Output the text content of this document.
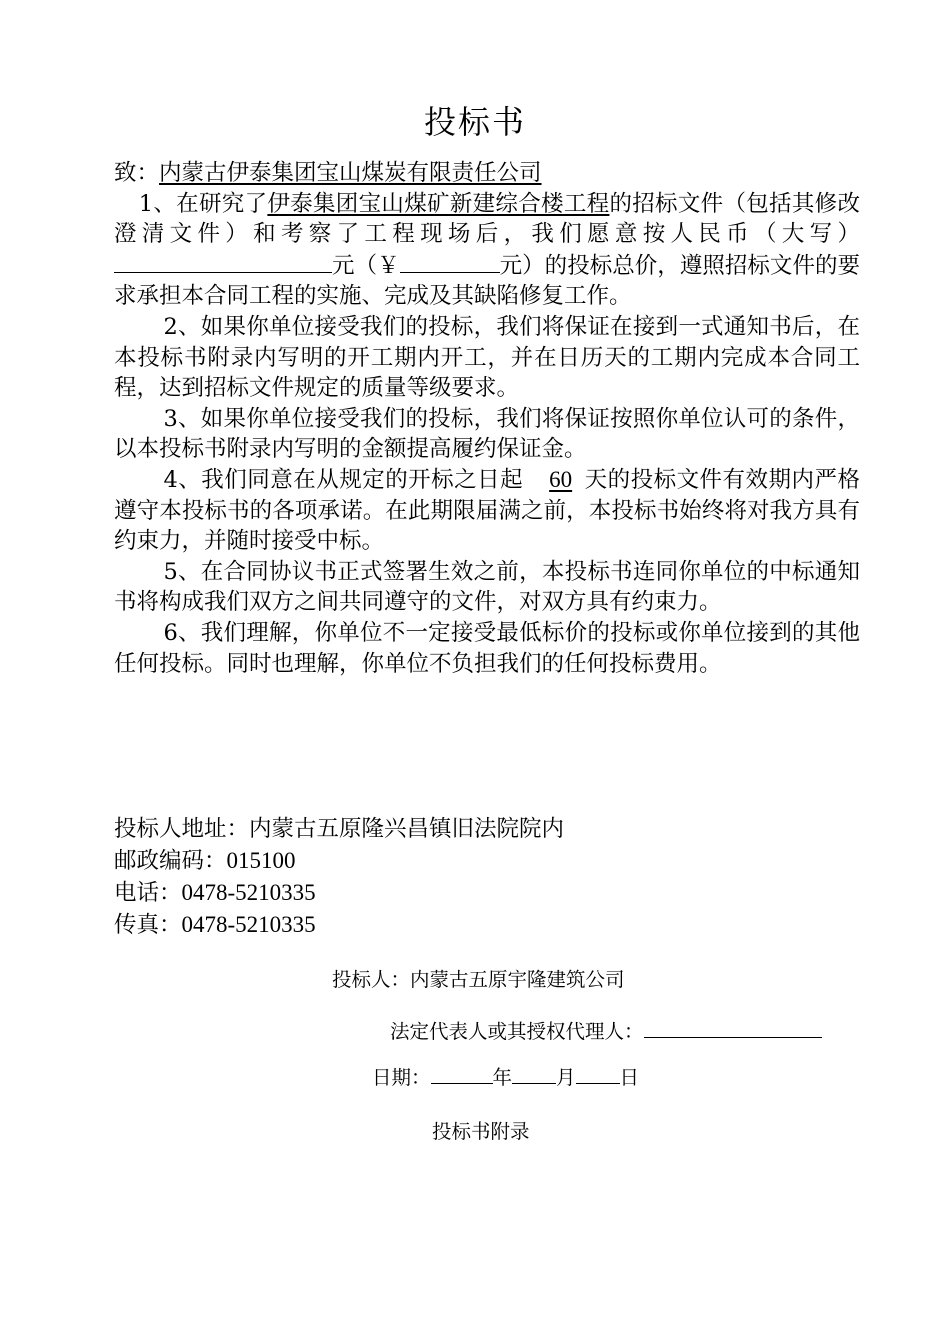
投标书

致：内蒙古伊泰集团宝山煤炭有限责任公司

1、在研究了伊泰集团宝山煤矿新建综合楼工程的招标文件（包括其修改澄清文件）和考察了工程现场后，我们愿意按人民币（大写）元（￥	元）的投标总价，遵照招标文件的要求承担本合同工程的实施、完成及其缺陷修复工作。

2、如果你单位接受我们的投标，我们将保证在接到一式通知书后，在本投标书附录内写明的开工期内开工，并在日历天的工期内完成本合同工程，达到招标文件规定的质量等级要求。

3、如果你单位接受我们的投标，我们将保证按照你单位认可的条件，以本投标书附录内写明的金额提高履约保证金。

4、我们同意在从规定的开标之日起 60 天的投标文件有效期内严格遵守本投标书的各项承诺。在此期限届满之前，本投标书始终将对我方具有约束力，并随时接受中标。

5、在合同协议书正式签署生效之前，本投标书连同你单位的中标通知书将构成我们双方之间共同遵守的文件，对双方具有约束力。

6、我们理解，你单位不一定接受最低标价的投标或你单位接到的其他任何投标。同时也理解，你单位不负担我们的任何投标费用。

投标人地址：内蒙古五原隆兴昌镇旧法院院内
邮政编码：015100
电话：0478-5210335
传真：0478-5210335
投标人：内蒙古五原宇隆建筑公司
法定代表人或其授权代理人：
日期：	年 月 日
投标书附录
